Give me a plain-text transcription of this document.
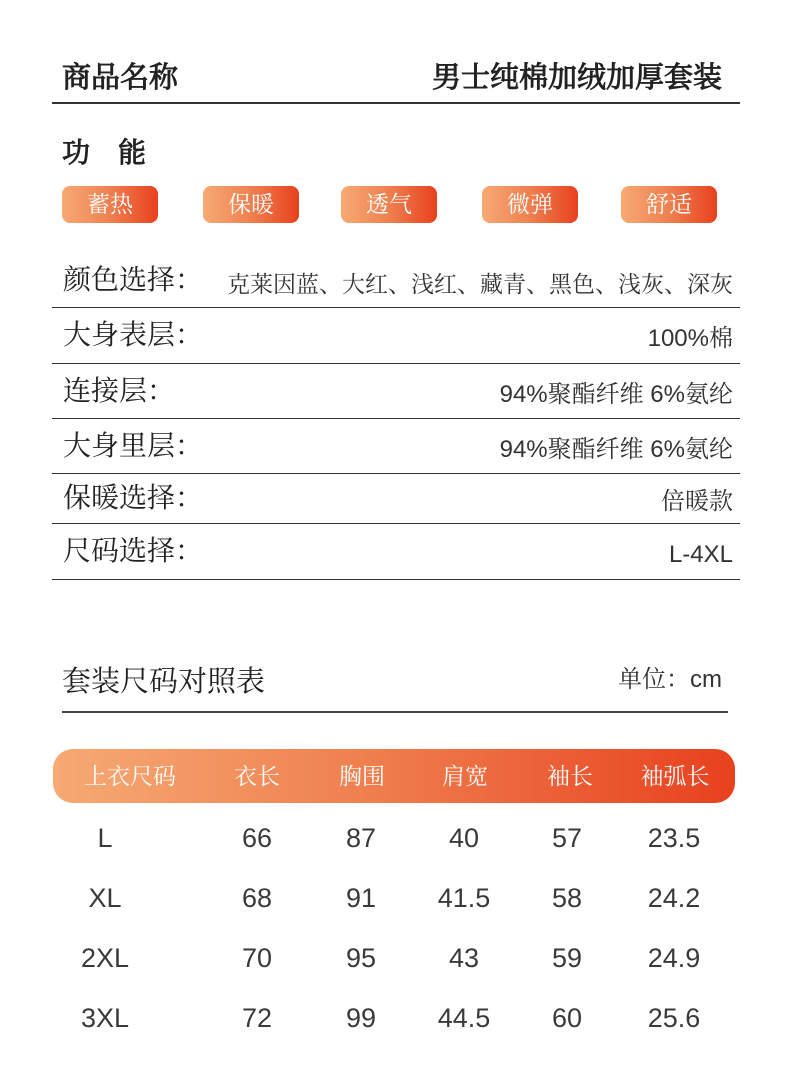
商品名称	男士纯棉加绒加厚套装
功　能
蓄热	保暖	透气	微弹	舒适
颜色选择： 克莱因蓝、大红、浅红、藏青、黑色、浅灰、深灰
大身表层：	100%棉
连接层：	94%聚酯纤维 6%氨纶
大身里层：	94%聚酯纤维 6%氨纶
保暖选择：	倍暖款
尺码选择：	L-4XL
套装尺码对照表	单位：cm
上衣尺码	衣长	胸围	肩宽	袖长	袖弧长
L	66	87	40	57	23.5
XL	68	91	41.5	58	24.2
2XL	70	95	43	59	24.9
3XL	72	99	44.5	60	25.6
